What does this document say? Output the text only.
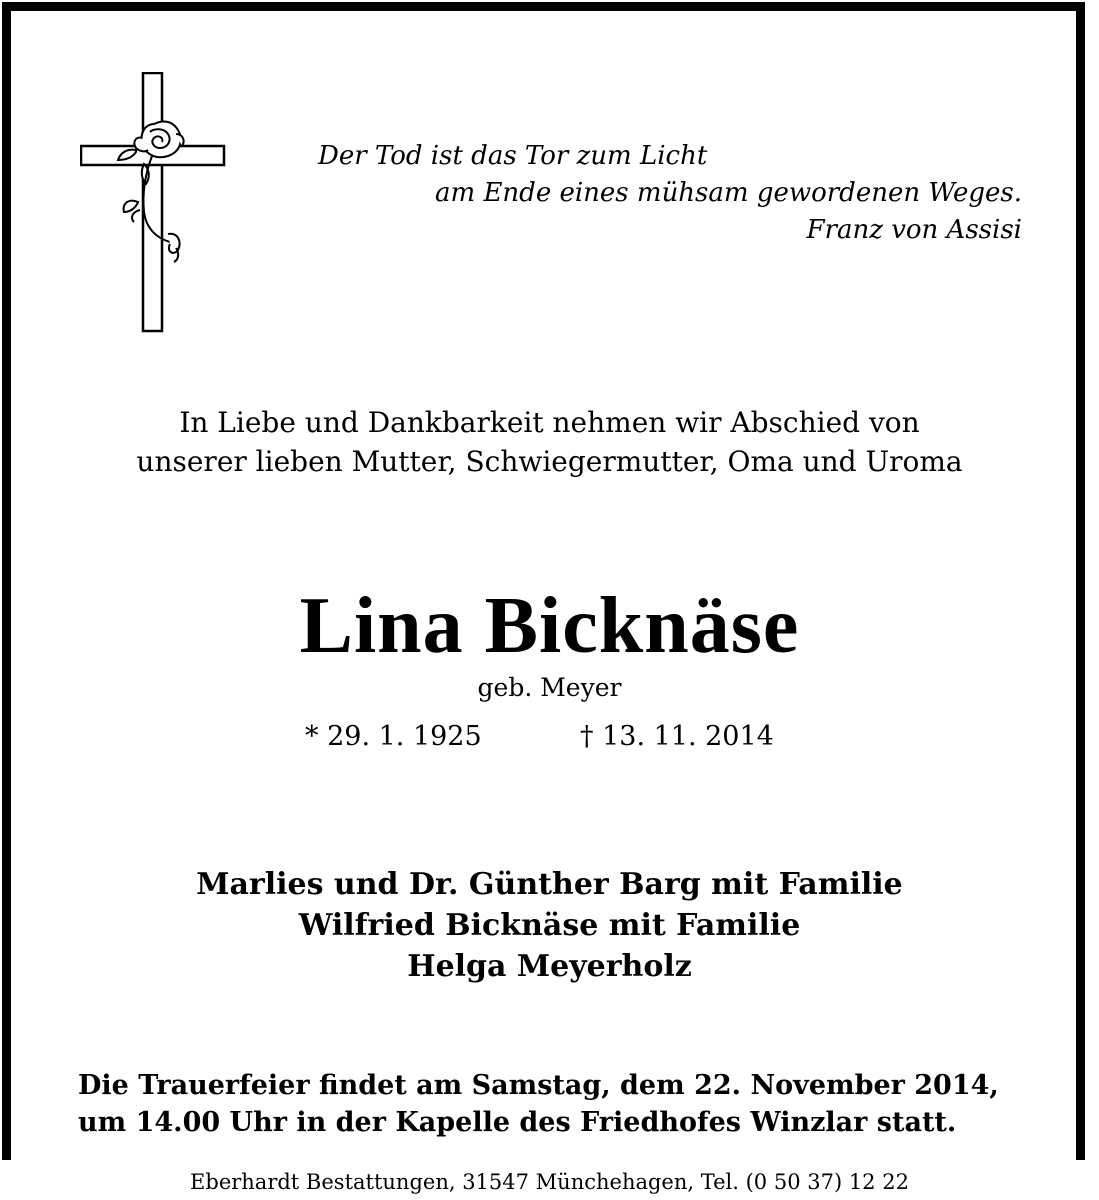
Der Tod ist das Tor zum Licht
am Ende eines mühsam gewordenen Weges.
Franz von Assisi
In Liebe und Dankbarkeit nehmen wir Abschied von
unserer lieben Mutter, Schwiegermutter, Oma und Uroma
Lina Bicknäse
geb. Meyer
* 29. 1. 1925	† 13. 11. 2014
Marlies und Dr. Günther Barg mit Familie
Wilfried Bicknäse mit Familie
Helga Meyerholz
Die Trauerfeier findet am Samstag, dem 22. November 2014,
um 14.00 Uhr in der Kapelle des Friedhofes Winzlar statt.
Eberhardt Bestattungen, 31547 Münchehagen, Tel. (0 50 37) 12 22
